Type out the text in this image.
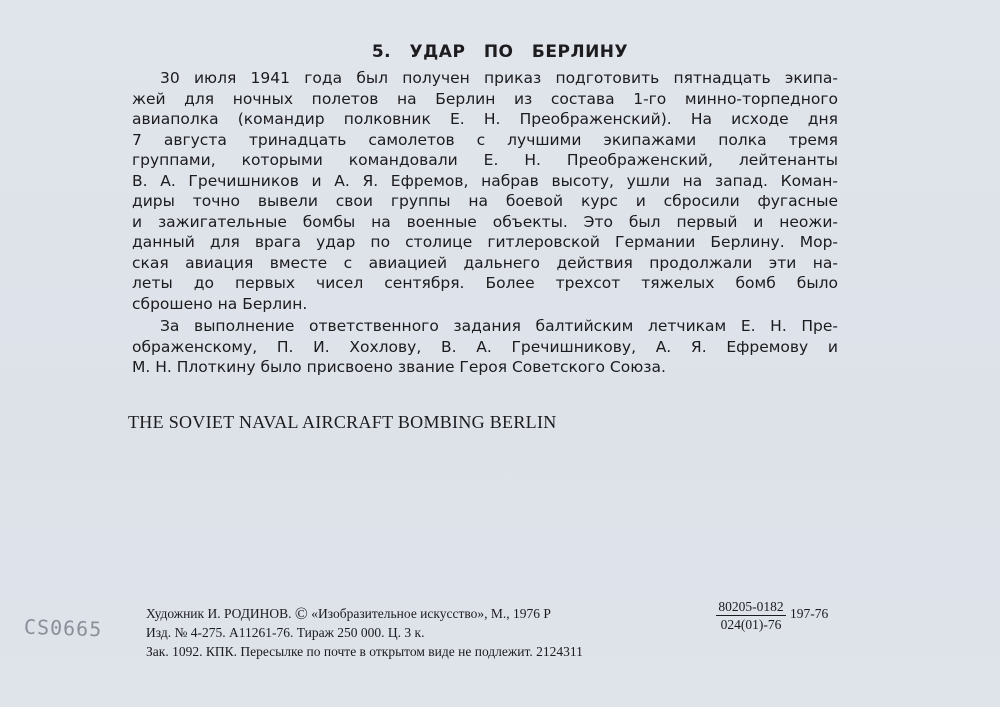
5. УДАР ПО БЕРЛИНУ
30 июля 1941 года был получен приказ подготовить пятнадцать экипа-
жей для ночных полетов на Берлин из состава 1-го минно-торпедного
авиаполка (командир полковник Е. Н. Преображенский). На исходе дня
7 августа тринадцать самолетов с лучшими экипажами полка тремя
группами, которыми командовали Е. Н. Преображенский, лейтенанты
В. А. Гречишников и А. Я. Ефремов, набрав высоту, ушли на запад. Коман-
диры точно вывели свои группы на боевой курс и сбросили фугасные
и зажигательные бомбы на военные объекты. Это был первый и неожи-
данный для врага удар по столице гитлеровской Германии Берлину. Мор-
ская авиация вместе с авиацией дальнего действия продолжали эти на-
леты до первых чисел сентября. Более трехсот тяжелых бомб было
сброшено на Берлин.
За выполнение ответственного задания балтийским летчикам Е. Н. Пре-
ображенскому, П. И. Хохлову, В. А. Гречишникову, А. Я. Ефремову и
М. Н. Плоткину было присвоено звание Героя Советского Союза.
THE SOVIET NAVAL AIRCRAFT BOMBING BERLIN
CS0665
Художник И. РОДИНОВ. © «Изобразительное искусство», М., 1976 Р	$\frac{80205-0182}{024(01)-76} 197-76$
Изд. № 4-275. А11261-76. Тираж 250 000. Ц. 3 к.
Зак. 1092. КПК. Пересылке по почте в открытом виде не подлежит. 2124311
